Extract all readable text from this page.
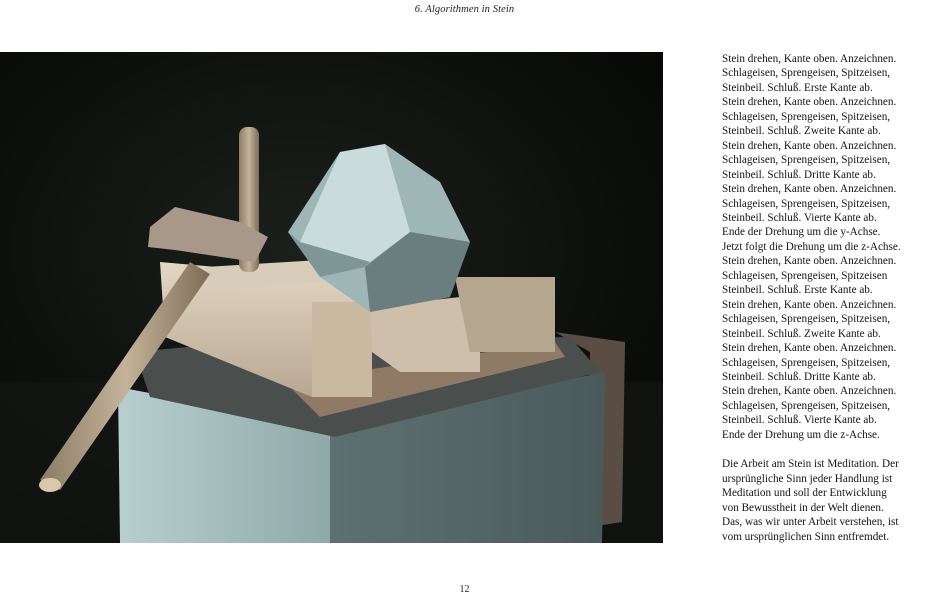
6. Algorithmen in Stein

Stein drehen, Kante oben. Anzeichnen.
Schlageisen, Sprengeisen, Spitzeisen,
Steinbeil. Schluß. Erste Kante ab.
Stein drehen, Kante oben. Anzeichnen.
Schlageisen, Sprengeisen, Spitzeisen,
Steinbeil. Schluß. Zweite Kante ab.
Stein drehen, Kante oben. Anzeichnen.
Schlageisen, Sprengeisen, Spitzeisen,
Steinbeil. Schluß. Dritte Kante ab.
Stein drehen, Kante oben. Anzeichnen.
Schlageisen, Sprengeisen, Spitzeisen,
Steinbeil. Schluß. Vierte Kante ab.
Ende der Drehung um die y-Achse.
Jetzt folgt die Drehung um die z-Achse.
Stein drehen, Kante oben. Anzeichnen.
Schlageisen, Sprengeisen, Spitzeisen
Steinbeil. Schluß. Erste Kante ab.
Stein drehen, Kante oben. Anzeichnen.
Schlageisen, Sprengeisen, Spitzeisen,
Steinbeil. Schluß. Zweite Kante ab.
Stein drehen, Kante oben. Anzeichnen.
Schlageisen, Sprengeisen, Spitzeisen,
Steinbeil. Schluß. Dritte Kante ab.
Stein drehen, Kante oben. Anzeichnen.
Schlageisen, Sprengeisen, Spitzeisen,
Steinbeil. Schluß. Vierte Kante ab.
Ende der Drehung um die z-Achse.

Die Arbeit am Stein ist Meditation. Der
ursprüngliche Sinn jeder Handlung ist
Meditation und soll der Entwicklung
von Bewusstheit in der Welt dienen.
Das, was wir unter Arbeit verstehen, ist
vom ursprünglichen Sinn entfremdet.

12
